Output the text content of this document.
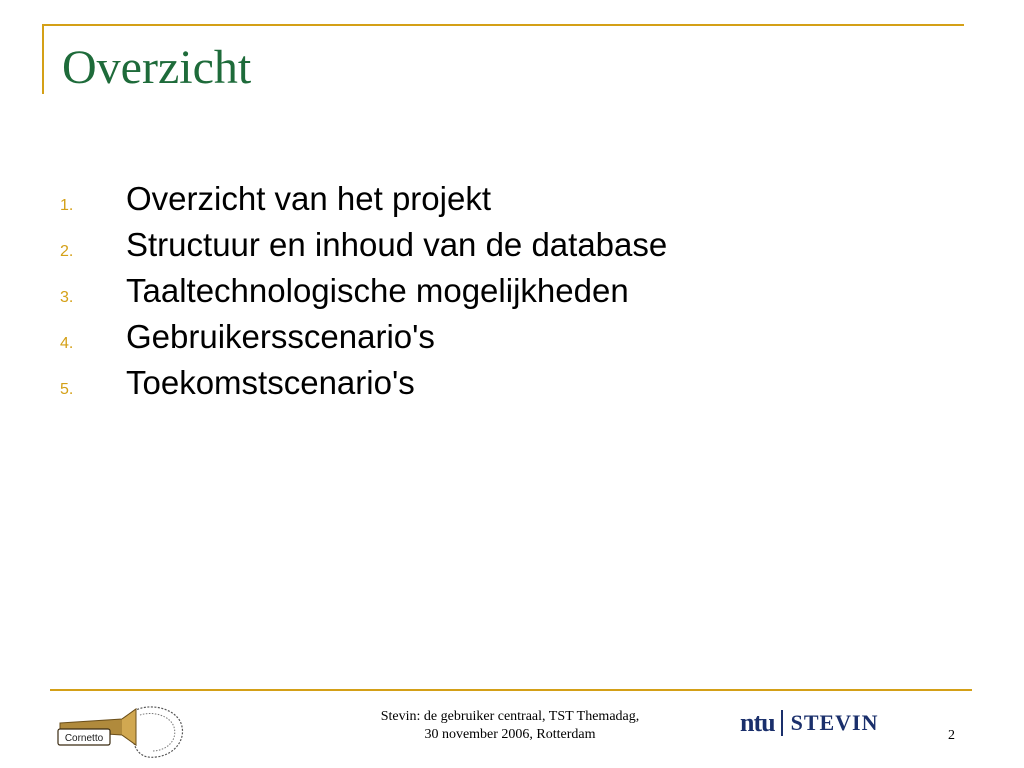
Overzicht
1.	Overzicht van het projekt
2.	Structuur en inhoud van de database
3.	Taaltechnologische mogelijkheden
4.	Gebruikersscenario's
5.	Toekomstscenario's
Cornetto
Stevin: de gebruiker centraal, TST Themadag,
30 november 2006, Rotterdam	ntu STEVIN
2
